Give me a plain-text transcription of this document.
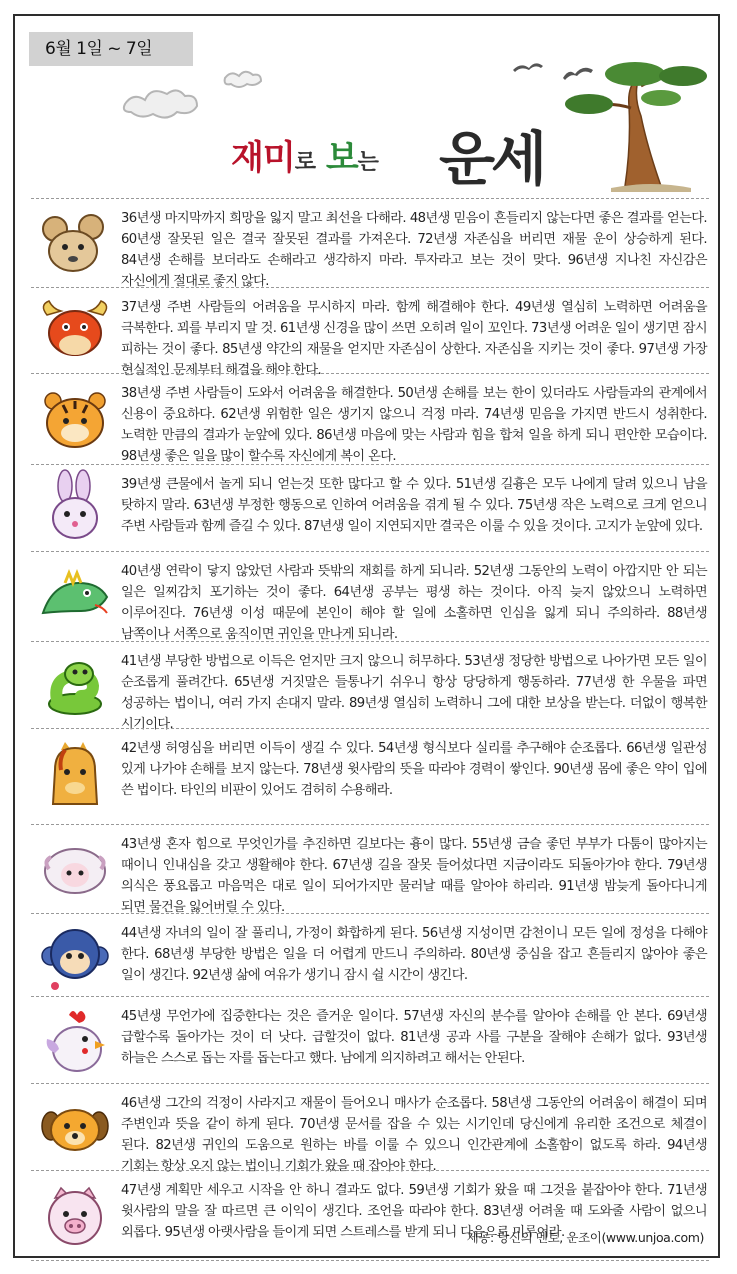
6월 1일 ~ 7일
재미로 보는 운세
36년생 마지막까지 희망을 잃지 말고 최선을 다해라. 48년생 믿음이 흔들리지 않는다면 좋은 결과를 얻는다. 60년생 잘못된 일은 결국 잘못된 결과를 가져온다. 72년생 자존심을 버리면 재물 운이 상승하게 된다. 84년생 손해를 보더라도 손해라고 생각하지 마라. 투자라고 보는 것이 맞다. 96년생 지나친 자신감은 자신에게 절대로 좋지 않다.
37년생 주변 사람들의 어려움을 무시하지 마라. 함께 해결해야 한다. 49년생 열심히 노력하면 어려움을 극복한다. 꾀를 부리지 말 것. 61년생 신경을 많이 쓰면 오히려 일이 꼬인다. 73년생 어려운 일이 생기면 잠시 피하는 것이 좋다. 85년생 약간의 재물을 얻지만 자존심이 상한다. 자존심을 지키는 것이 좋다. 97년생 가장 현실적인 문제부터 해결을 해야 한다.
38년생 주변 사람들이 도와서 어려움을 해결한다. 50년생 손해를 보는 한이 있더라도 사람들과의 관계에서 신용이 중요하다. 62년생 위험한 일은 생기지 않으니 걱정 마라. 74년생 믿음을 가지면 반드시 성취한다. 노력한 만큼의 결과가 눈앞에 있다. 86년생 마음에 맞는 사람과 힘을 합쳐 일을 하게 되니 편안한 모습이다. 98년생 좋은 일을 많이 할수록 자신에게 복이 온다.
39년생 큰물에서 놀게 되니 얻는것 또한 많다고 할 수 있다. 51년생 길흉은 모두 나에게 달려 있으니 남을 탓하지 말라. 63년생 부정한 행동으로 인하여 어려움을 겪게 될 수 있다. 75년생 작은 노력으로 크게 얻으니 주변 사람들과 함께 즐길 수 있다. 87년생 일이 지연되지만 결국은 이룰 수 있을 것이다. 고지가 눈앞에 있다.
40년생 연락이 닿지 않았던 사람과 뜻밖의 재회를 하게 되니라. 52년생 그동안의 노력이 아깝지만 안 되는 일은 일찌감치 포기하는 것이 좋다. 64년생 공부는 평생 하는 것이다. 아직 늦지 않았으니 노력하면 이루어진다. 76년생 이성 때문에 본인이 해야 할 일에 소홀하면 인심을 잃게 되니 주의하라. 88년생 남쪽이나 서쪽으로 움직이면 귀인을 만나게 되니라.
41년생 부당한 방법으로 이득은 얻지만 크지 않으니 허무하다. 53년생 정당한 방법으로 나아가면 모든 일이 순조롭게 풀려간다. 65년생 거짓말은 들통나기 쉬우니 항상 당당하게 행동하라. 77년생 한 우물을 파면 성공하는 법이니, 여러 가지 손대지 말라. 89년생 열심히 노력하니 그에 대한 보상을 받는다. 더없이 행복한 시기이다.
42년생 허영심을 버리면 이득이 생길 수 있다. 54년생 형식보다 실리를 추구해야 순조롭다. 66년생 일관성 있게 나가야 손해를 보지 않는다. 78년생 윗사람의 뜻을 따라야 경력이 쌓인다. 90년생 몸에 좋은 약이 입에 쓴 법이다. 타인의 비판이 있어도 겸허히 수용해라.
43년생 혼자 힘으로 무엇인가를 추진하면 길보다는 흉이 많다. 55년생 금슬 좋던 부부가 다툼이 많아지는 때이니 인내심을 갖고 생활해야 한다. 67년생 길을 잘못 들어섰다면 지금이라도 되돌아가야 한다. 79년생 의식은 풍요롭고 마음먹은 대로 일이 되어가지만 물러날 때를 알아야 하리라. 91년생 밤늦게 돌아다니게 되면 물건을 잃어버릴 수 있다.
44년생 자녀의 일이 잘 풀리니, 가정이 화합하게 된다. 56년생 지성이면 감천이니 모든 일에 정성을 다해야 한다. 68년생 부당한 방법은 일을 더 어렵게 만드니 주의하라. 80년생 중심을 잡고 흔들리지 않아야 좋은 일이 생긴다. 92년생 삶에 여유가 생기니 잠시 쉴 시간이 생긴다.
45년생 무언가에 집중한다는 것은 즐거운 일이다. 57년생 자신의 분수를 알아야 손해를 안 본다. 69년생 급할수록 돌아가는 것이 더 낫다. 급할것이 없다. 81년생 공과 사를 구분을 잘해야 손해가 없다. 93년생 하늘은 스스로 돕는 자를 돕는다고 했다. 남에게 의지하려고 해서는 안된다.
46년생 그간의 걱정이 사라지고 재물이 들어오니 매사가 순조롭다. 58년생 그동안의 어려움이 해결이 되며 주변인과 뜻을 같이 하게 된다. 70년생 문서를 잡을 수 있는 시기인데 당신에게 유리한 조건으로 체결이 된다. 82년생 귀인의 도움으로 원하는 바를 이룰 수 있으니 인간관계에 소홀함이 없도록 하라. 94년생 기회는 항상 오지 않는 법이니 기회가 왔을 때 잡아야 한다.
47년생 계획만 세우고 시작을 안 하니 결과도 없다. 59년생 기회가 왔을 때 그것을 붙잡아야 한다. 71년생 윗사람의 말을 잘 따르면 큰 이익이 생긴다. 조언을 따라야 한다. 83년생 어려울 때 도와줄 사람이 없으니 외롭다. 95년생 아랫사람을 들이게 되면 스트레스를 받게 되니 다음으로 미루어라.
제공: 당신의 멘토, 운조이(www.unjoa.com)
